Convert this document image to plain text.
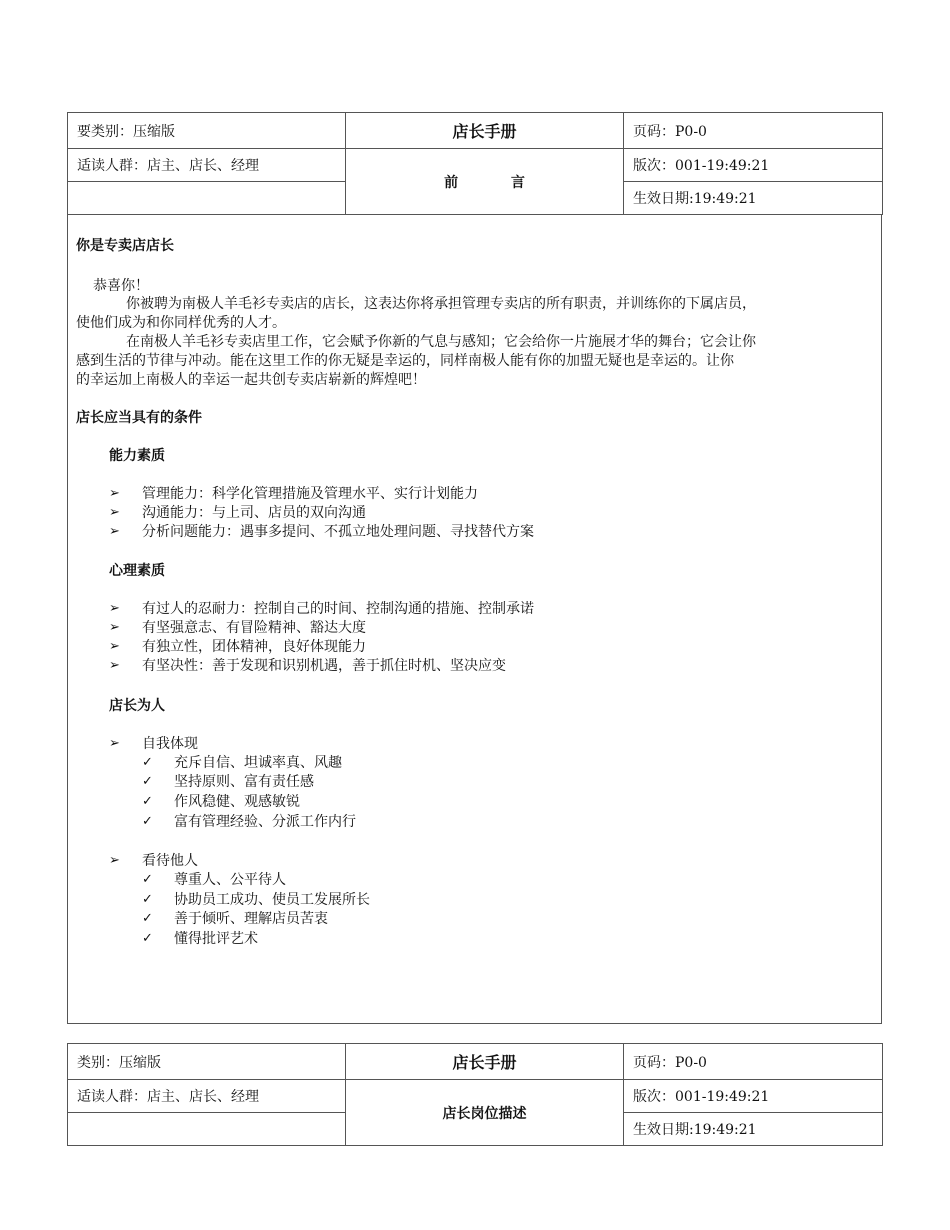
要类别：压缩版	店长手册	页码：P0-0
适读人群：店主、店长、经理	前 言	版次：001-19:49:21
		生效日期:19:49:21
你是专卖店店长
恭喜你！
你被聘为南极人羊毛衫专卖店的店长，这表达你将承担管理专卖店的所有职责，并训练你的下属店员，
使他们成为和你同样优秀的人才。
在南极人羊毛衫专卖店里工作，它会赋予你新的气息与感知；它会给你一片施展才华的舞台；它会让你
感到生活的节律与冲动。能在这里工作的你无疑是幸运的，同样南极人能有你的加盟无疑也是幸运的。让你
的幸运加上南极人的幸运一起共创专卖店崭新的辉煌吧！
店长应当具有的条件
能力素质
➢ 管理能力：科学化管理措施及管理水平、实行计划能力
➢ 沟通能力：与上司、店员的双向沟通
➢ 分析问题能力：遇事多提问、不孤立地处理问题、寻找替代方案
心理素质
➢ 有过人的忍耐力：控制自己的时间、控制沟通的措施、控制承诺
➢ 有坚强意志、有冒险精神、豁达大度
➢ 有独立性，团体精神，良好体现能力
➢ 有坚决性：善于发现和识别机遇，善于抓住时机、坚决应变
店长为人
➢ 自我体现
✓ 充斥自信、坦诚率真、风趣
✓ 坚持原则、富有责任感
✓ 作风稳健、观感敏锐
✓ 富有管理经验、分派工作内行
➢ 看待他人
✓ 尊重人、公平待人
✓ 协助员工成功、使员工发展所长
✓ 善于倾听、理解店员苦衷
✓ 懂得批评艺术
类别：压缩版	店长手册	页码：P0-0
适读人群：店主、店长、经理	店长岗位描述	版次：001-19:49:21
		生效日期:19:49:21
